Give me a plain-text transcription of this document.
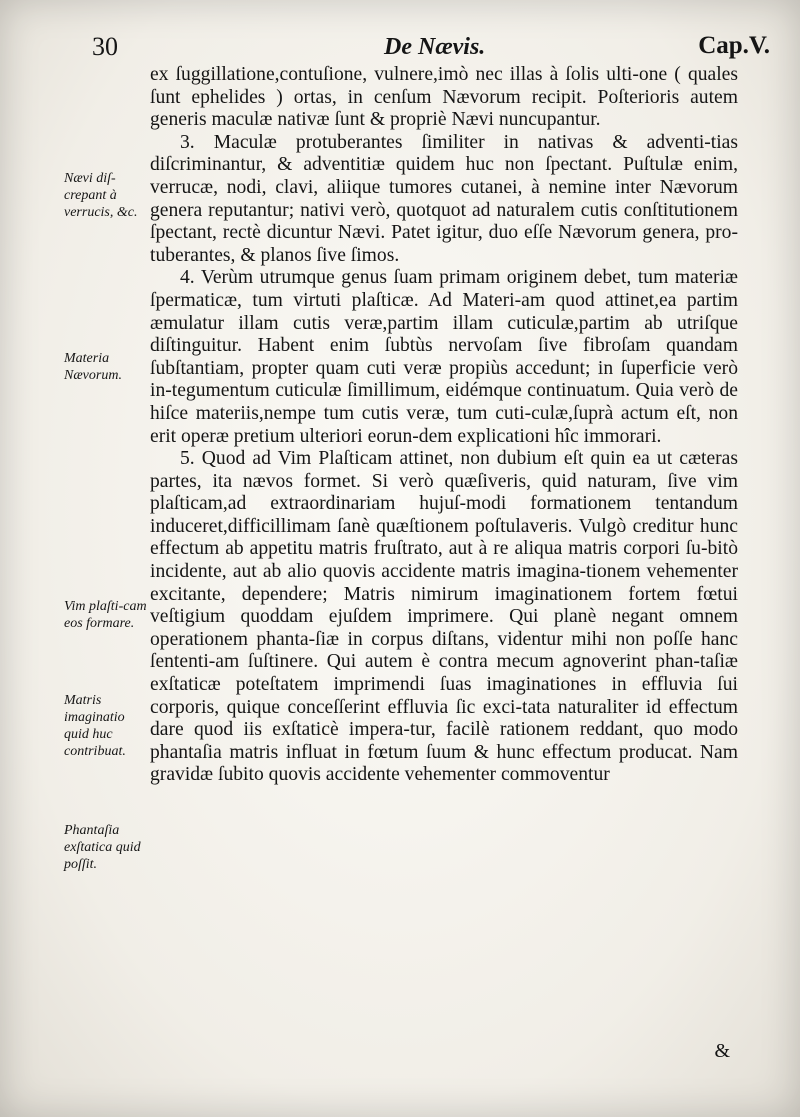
30	De Nævis.	Cap.V.

ex ſuggillatione,contuſione, vulnere,imò nec illas à ſolis ulti-one ( quales ſunt ephelides ) ortas, in cenſum Nævorum recipit. Poſterioris autem generis maculæ nativæ ſunt & propriè Nævi nuncupantur.

3. Maculæ protuberantes ſimiliter in nativas & adventi-tias diſcriminantur, & adventitiæ quidem huc non ſpectant. Puſtulæ enim, verrucæ, nodi, clavi, aliique tumores cutanei, à nemine inter Nævorum genera reputantur; nativi verò, quotquot ad naturalem cutis conſtitutionem ſpectant, rectè dicuntur Nævi. Patet igitur, duo eſſe Nævorum genera, pro-tuberantes, & planos ſive ſimos.

4. Verùm utrumque genus ſuam primam originem debet, tum materiæ ſpermaticæ, tum virtuti plaſticæ. Ad Materi-am quod attinet,ea partim æmulatur illam cutis veræ,partim illam cuticulæ,partim ab utriſque diſtinguitur. Habent enim ſubtùs nervoſam ſive fibroſam quandam ſubſtantiam, propter quam cuti veræ propiùs accedunt; in ſuperficie verò in-tegumentum cuticulæ ſimillimum, eidémque continuatum. Quia verò de hiſce materiis,nempe tum cutis veræ, tum cuti-culæ,ſuprà actum eſt, non erit operæ pretium ulteriori eorun-dem explicationi hîc immorari.

5. Quod ad Vim Plaſticam attinet, non dubium eſt quin ea ut cæteras partes, ita nævos formet. Si verò quæſiveris, quid naturam, ſive vim plaſticam,ad extraordinariam hujuſ-modi formationem tentandum induceret,difficillimam ſanè quæſtionem poſtulaveris. Vulgò creditur hunc effectum ab appetitu matris fruſtrato, aut à re aliqua matris corpori ſu-bitò incidente, aut ab alio quovis accidente matris imagina-tionem vehementer excitante, dependere; Matris nimirum imaginationem fortem fœtui veſtigium quoddam ejuſdem imprimere. Qui planè negant omnem operationem phanta-ſiæ in corpus diſtans, videntur mihi non poſſe hanc ſententi-am ſuſtinere. Qui autem è contra mecum agnoverint phan-taſiæ exſtaticæ poteſtatem imprimendi ſuas imaginationes in effluvia ſui corporis, quique conceſſerint effluvia ſic exci-tata naturaliter id effectum dare quod iis exſtaticè impera-tur, facilè rationem reddant, quo modo phantaſia matris influat in fœtum ſuum & hunc effectum producat. Nam gravidæ ſubito quovis accidente vehementer commoventur

Nævi diſ-crepant à verrucis, &c.
Materia Nævorum.
Vim plaſti-cam eos formare.
Matris imaginatio quid huc contribuat.
Phantaſia exſtatica quid poſſit.
&
